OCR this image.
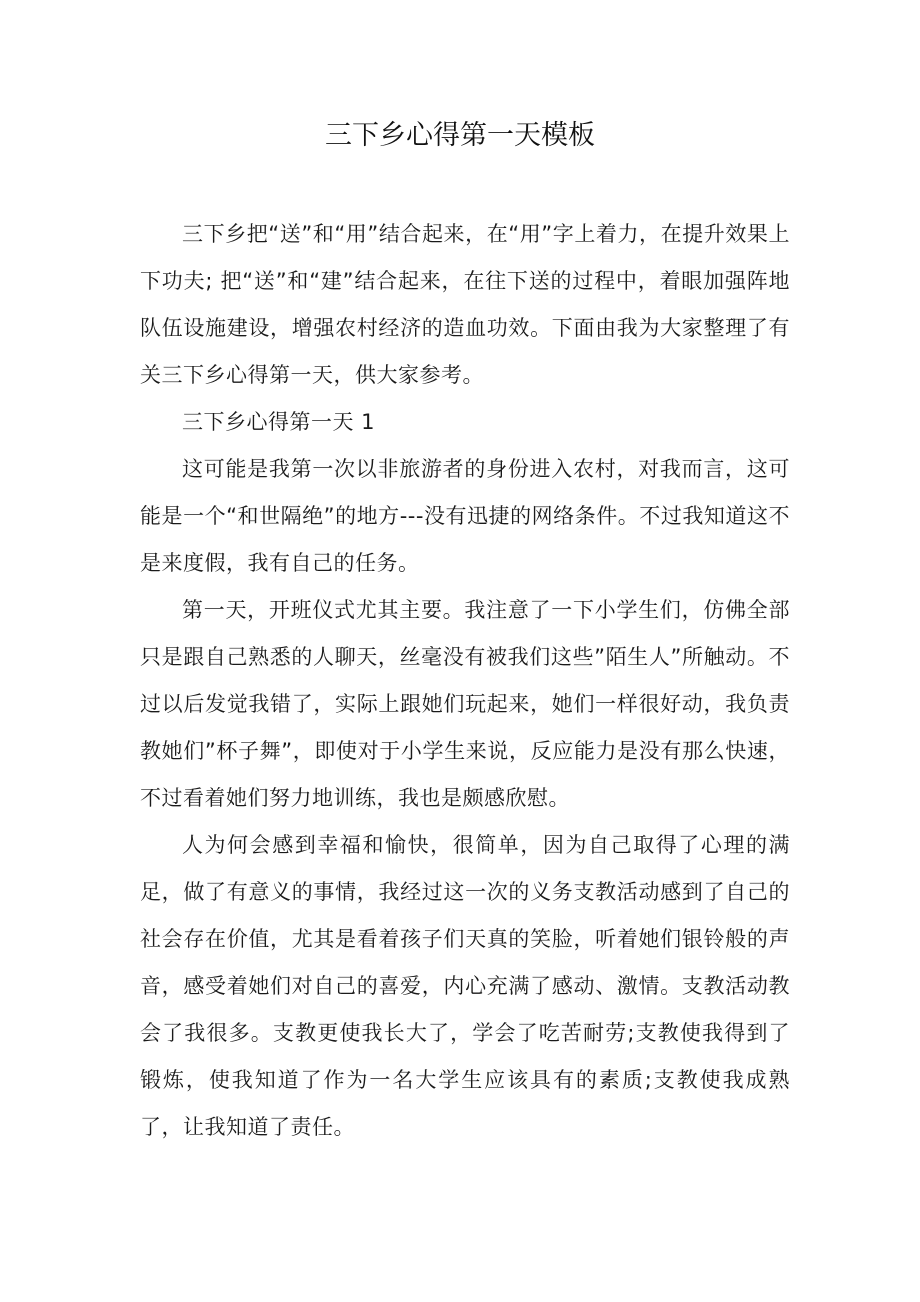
三下乡心得第一天模板

三下乡把“送”和“用”结合起来，在“用”字上着力，在提升效果上下功夫; 把“送”和“建”结合起来，在往下送的过程中，着眼加强阵地队伍设施建设，增强农村经济的造血功效。下面由我为大家整理了有关三下乡心得第一天，供大家参考。

三下乡心得第一天 1

这可能是我第一次以非旅游者的身份进入农村，对我而言，这可能是一个“和世隔绝”的地方---没有迅捷的网络条件。不过我知道这不是来度假，我有自己的任务。

第一天，开班仪式尤其主要。我注意了一下小学生们，仿佛全部只是跟自己熟悉的人聊天，丝毫没有被我们这些”陌生人”所触动。不过以后发觉我错了，实际上跟她们玩起来，她们一样很好动，我负责教她们”杯子舞”，即使对于小学生来说，反应能力是没有那么快速，不过看着她们努力地训练，我也是颇感欣慰。

人为何会感到幸福和愉快，很简单，因为自己取得了心理的满足，做了有意义的事情，我经过这一次的义务支教活动感到了自己的社会存在价值，尤其是看着孩子们天真的笑脸，听着她们银铃般的声音，感受着她们对自己的喜爱，内心充满了感动、激情。支教活动教会了我很多。支教更使我长大了，学会了吃苦耐劳;支教使我得到了锻炼，使我知道了作为一名大学生应该具有的素质;支教使我成熟了，让我知道了责任。
